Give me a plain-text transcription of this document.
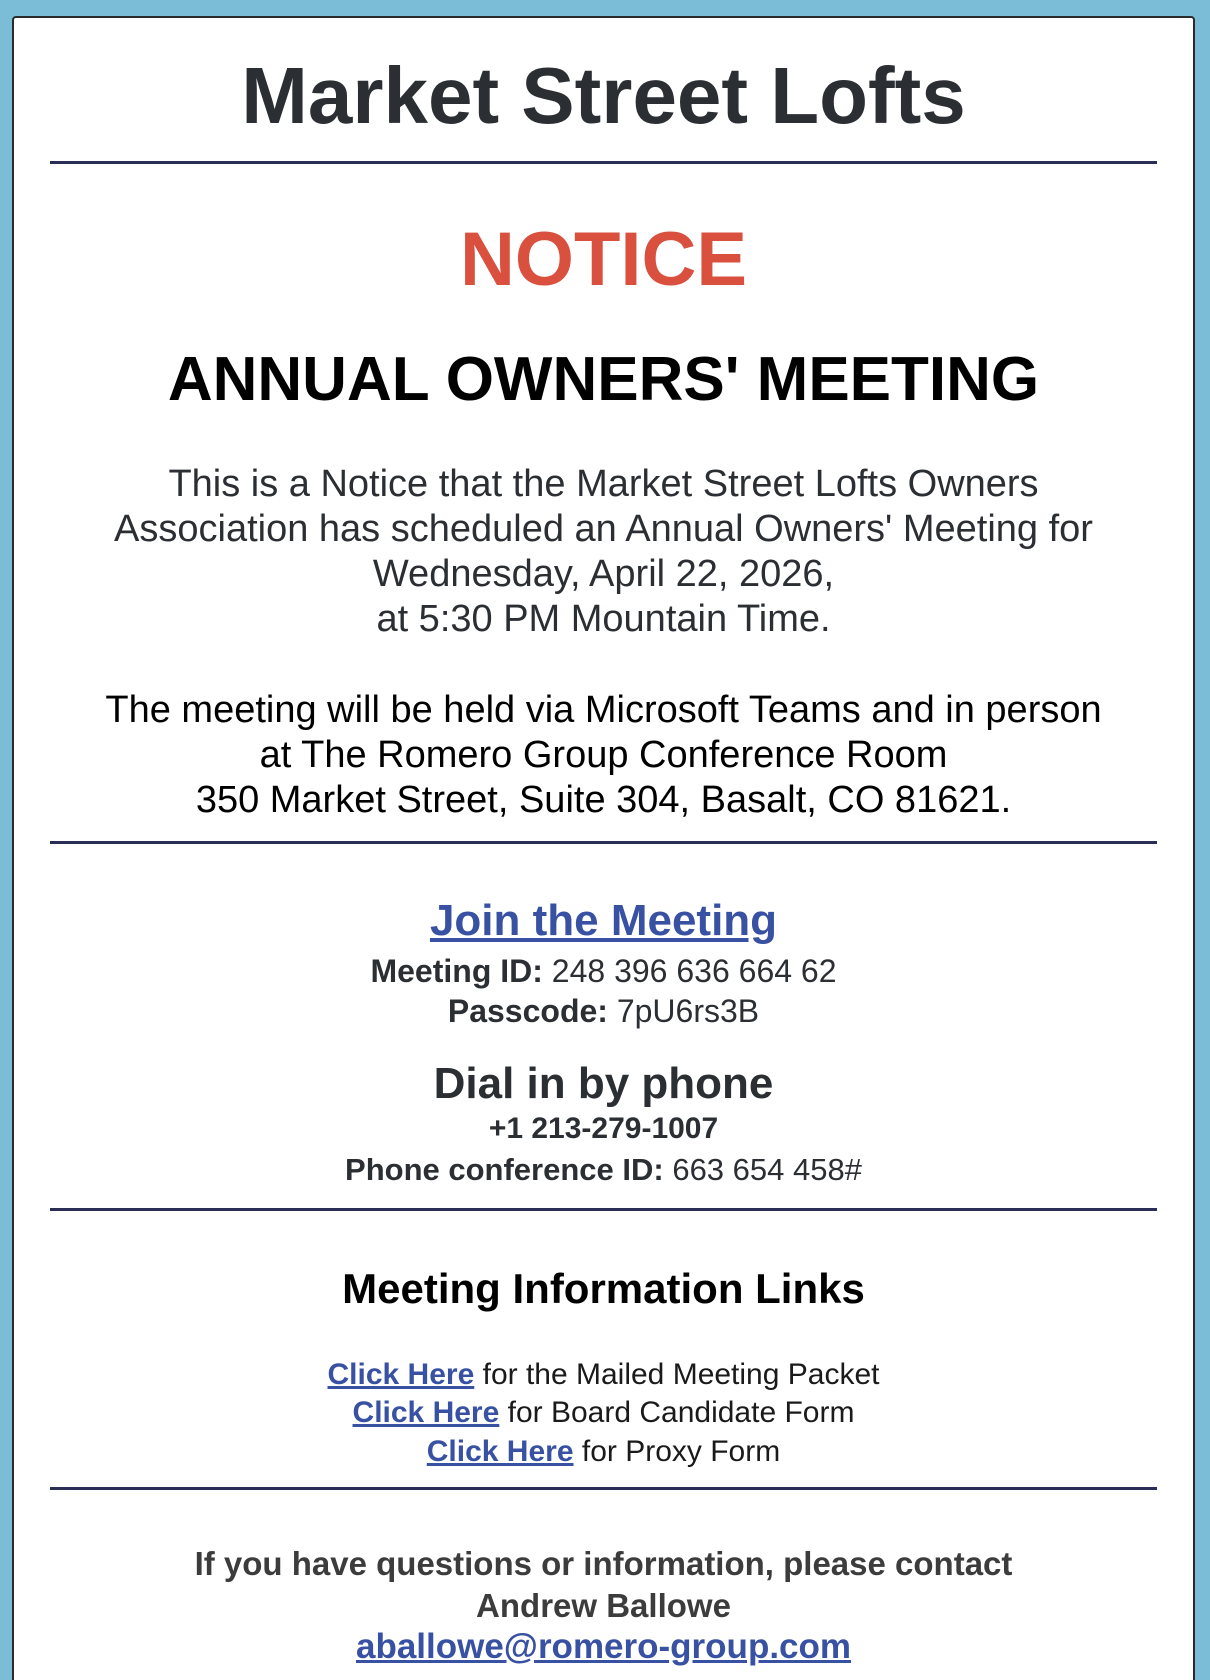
Market Street Lofts
NOTICE
ANNUAL OWNERS' MEETING
This is a Notice that the Market Street Lofts Owners
Association has scheduled an Annual Owners' Meeting for
Wednesday, April 22, 2026,
at 5:30 PM Mountain Time.
The meeting will be held via Microsoft Teams and in person
at The Romero Group Conference Room
350 Market Street, Suite 304, Basalt, CO 81621.
Join the Meeting
Meeting ID: 248 396 636 664 62
Passcode: 7pU6rs3B
Dial in by phone
+1 213-279-1007
Phone conference ID: 663 654 458#
Meeting Information Links
Click Here for the Mailed Meeting Packet
Click Here for Board Candidate Form
Click Here for Proxy Form
If you have questions or information, please contact
Andrew Ballowe
aballowe@romero-group.com
